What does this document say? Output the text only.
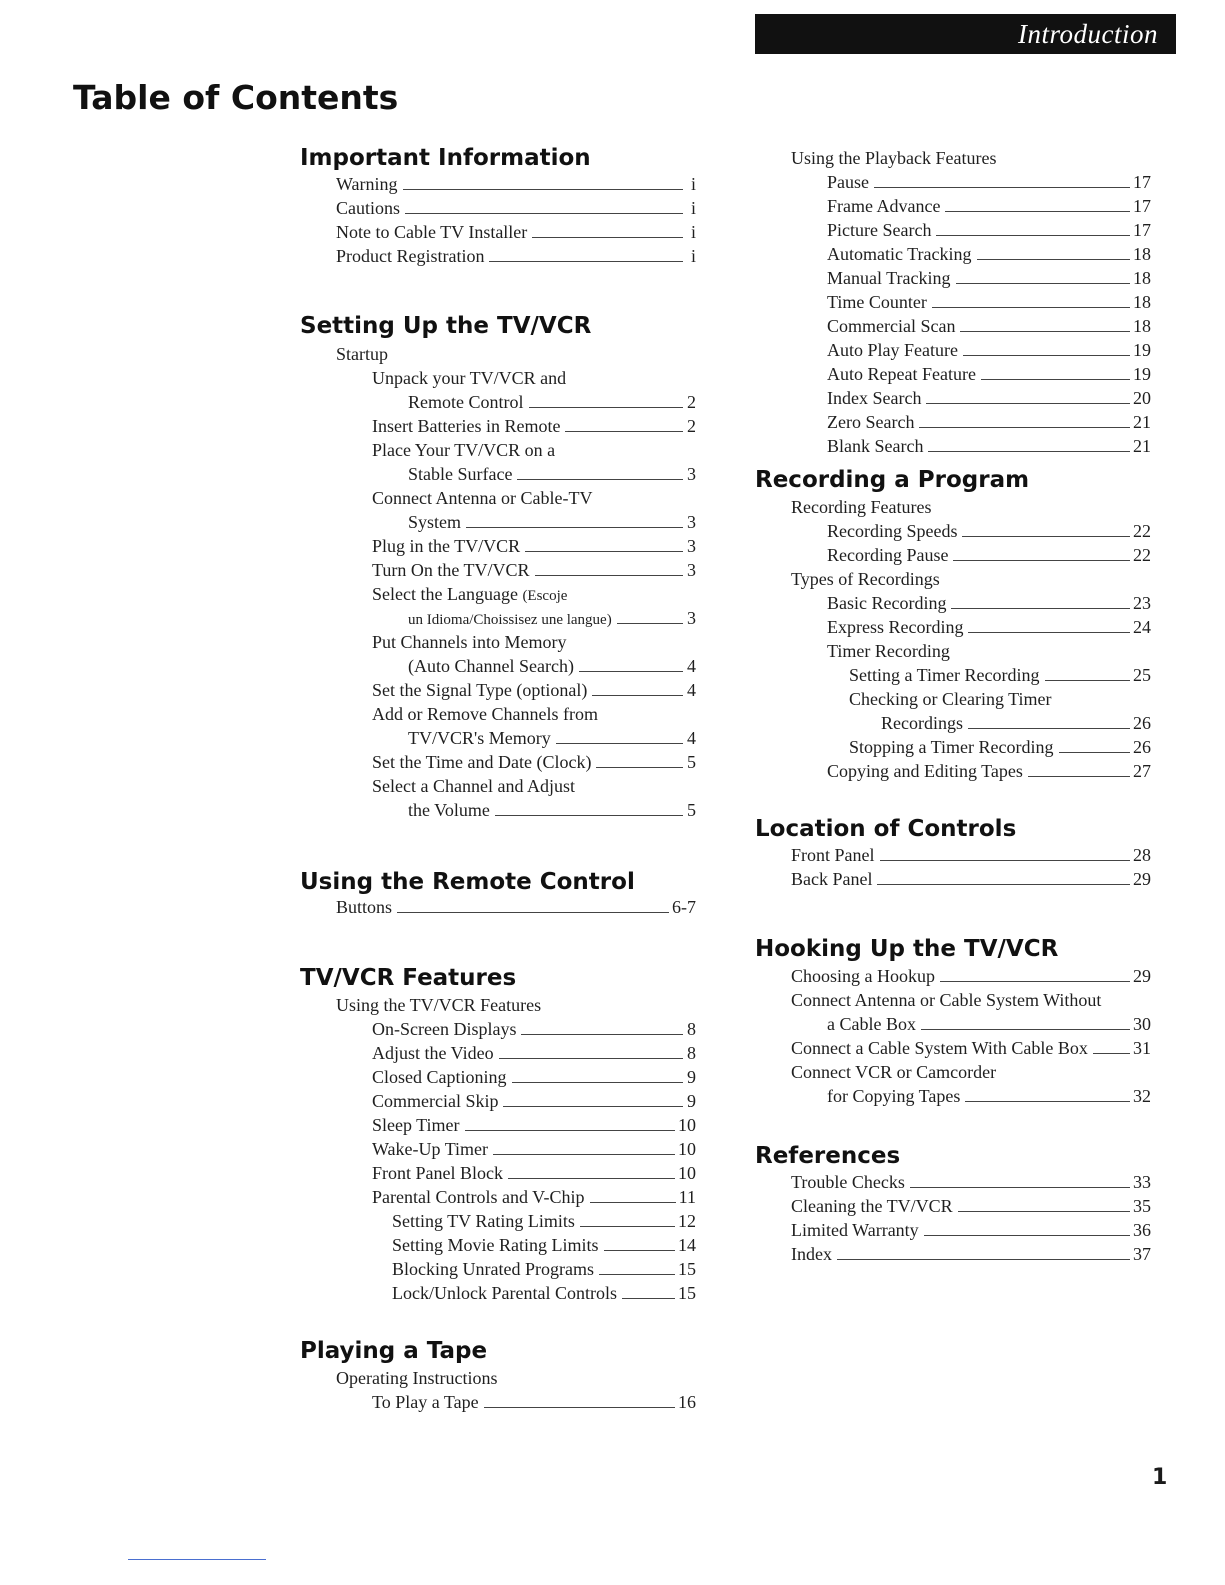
Introduction
Table of Contents
Important Information
Warning	i
Cautions	i
Note to Cable TV Installer	i
Product Registration	i
Setting Up the TV/VCR
Startup
Unpack your TV/VCR and
Remote Control	2
Insert Batteries in Remote	2
Place Your TV/VCR on a
Stable Surface	3
Connect Antenna or Cable-TV
System	3
Plug in the TV/VCR	3
Turn On the TV/VCR	3
Select the Language
(Escoje
un Idioma/Choissisez une langue)	3
Put Channels into Memory
(Auto Channel Search)	4
Set the Signal Type (optional)	4
Add or Remove Channels from
TV/VCR's Memory	4
Set the Time and Date (Clock)	5
Select a Channel and Adjust
the Volume	5
Using the Remote Control
Buttons	6-7
TV/VCR Features
Using the TV/VCR Features
On-Screen Displays	8
Adjust the Video	8
Closed Captioning	9
Commercial Skip	9
Sleep Timer	10
Wake-Up Timer	10
Front Panel Block	10
Parental Controls and V-Chip	11
Setting TV Rating Limits	12
Setting Movie Rating Limits	14
Blocking Unrated Programs	15
Lock/Unlock Parental Controls	15
Playing a Tape
Operating Instructions
To Play a Tape	16
Using the Playback Features
Pause	17
Frame Advance	17
Picture Search	17
Automatic Tracking	18
Manual Tracking	18
Time Counter	18
Commercial Scan	18
Auto Play Feature	19
Auto Repeat Feature	19
Index Search	20
Zero Search	21
Blank Search	21
Recording a Program
Recording Features
Recording Speeds	22
Recording Pause	22
Types of Recordings
Basic Recording	23
Express Recording	24
Timer Recording
Setting a Timer Recording	25
Checking or Clearing Timer
Recordings	26
Stopping a Timer Recording	26
Copying and Editing Tapes	27
Location of Controls
Front Panel	28
Back Panel	29
Hooking Up the TV/VCR
Choosing a Hookup	29
Connect Antenna or Cable System Without
a Cable Box	30
Connect a Cable System With Cable Box	31
Connect VCR or Camcorder
for Copying Tapes	32
References
Trouble Checks	33
Cleaning the TV/VCR	35
Limited Warranty	36
Index	37
1
